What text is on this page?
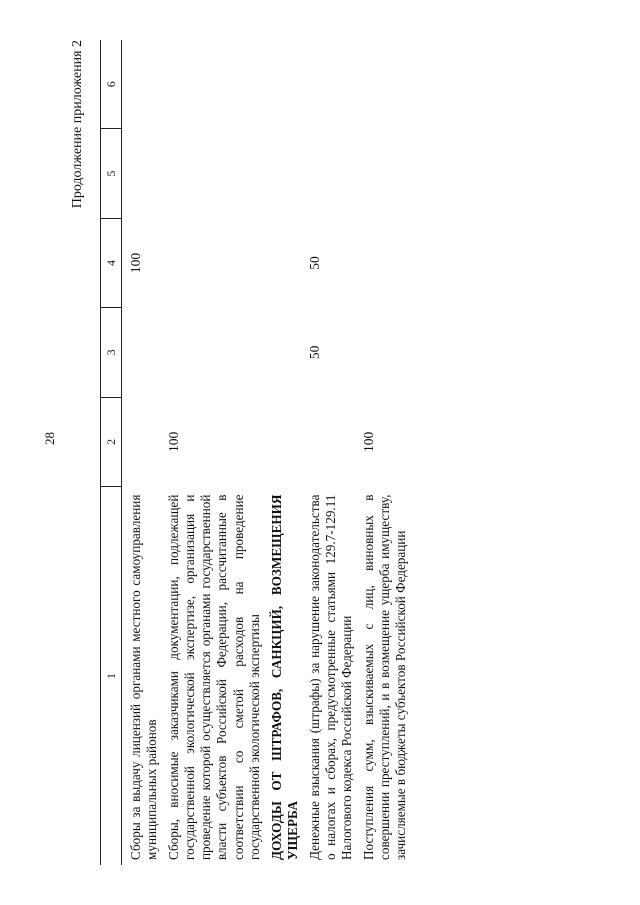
28
Продолжение приложения 2
1	2	3	4	5	6

Сборы за выдачу лицензий органами местного самоуправления муниципальных районов			100		

Сборы, вносимые заказчиками документации, подлежащей государственной экологической экспертизе, организация и проведение которой осуществляется органами государственной власти субъектов Российской Федерации, рассчитанные в соответствии со сметой расходов на проведение государственной экологической экспертизы	100				

ДОХОДЫ ОТ ШТРАФОВ, САНКЦИЙ, ВОЗМЕЩЕНИЯ УЩЕРБА					

Денежные взыскания (штрафы) за нарушение законодательства о налогах и сборах, предусмотренные статьями 129.7-129.11 Налогового кодекса Российской Федерации		50	50		

Поступления сумм, взыскиваемых с лиц, виновных в совершении преступлений, и в возмещение ущерба имуществу, зачисляемые в бюджеты субъектов Российской Федерации	100				
